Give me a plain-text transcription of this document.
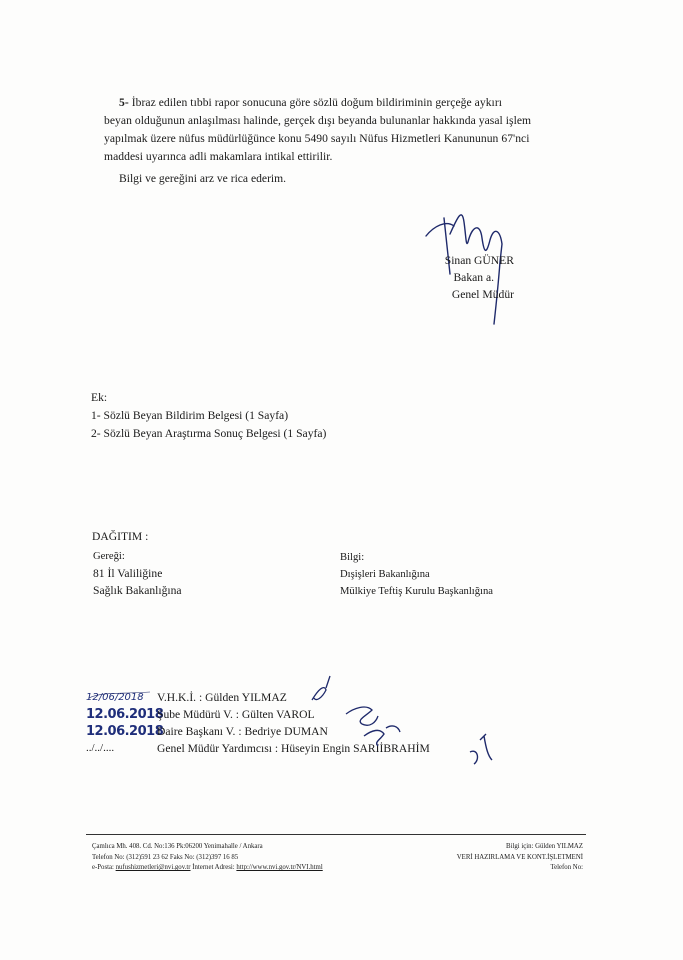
5- İbraz edilen tıbbi rapor sonucuna göre sözlü doğum bildiriminin gerçeğe aykırı
beyan olduğunun anlaşılması halinde, gerçek dışı beyanda bulunanlar hakkında yasal işlem
yapılmak üzere nüfus müdürlüğünce konu 5490 sayılı Nüfus Hizmetleri Kanununun 67'nci
maddesi uyarınca adli makamlara intikal ettirilir.
Bilgi ve gereğini arz ve rica ederim.
Sinan GÜNER
Bakan a.
Genel Müdür
Ek:
1- Sözlü Beyan Bildirim Belgesi (1 Sayfa)
2- Sözlü Beyan Araştırma Sonuç Belgesi (1 Sayfa)
DAĞITIM :
Gereği:
81 İl Valiliğine
Sağlık Bakanlığına
Bilgi:
Dışişleri Bakanlığına
Mülkiye Teftiş Kurulu Başkanlığına
12/06/2018
12.06.2018
12.06.2018
../../....
V.H.K.İ. : Gülden YILMAZ
Şube Müdürü V. : Gülten VAROL
Daire Başkanı V. : Bedriye DUMAN
Genel Müdür Yardımcısı : Hüseyin Engin SARIİBRAHİM
Çamlıca Mh. 408. Cd. No:136 Pk:06200 Yenimahalle / Ankara
Telefon No: (312)591 23 62 Faks No: (312)397 16 85
e-Posta: nufushizmetleri@nvi.gov.tr İnternet Adresi: http://www.nvi.gov.tr/NVI.html
Bilgi için: Gülden YILMAZ
VERİ HAZIRLAMA VE KONT.İŞLETMENİ
Telefon No:
